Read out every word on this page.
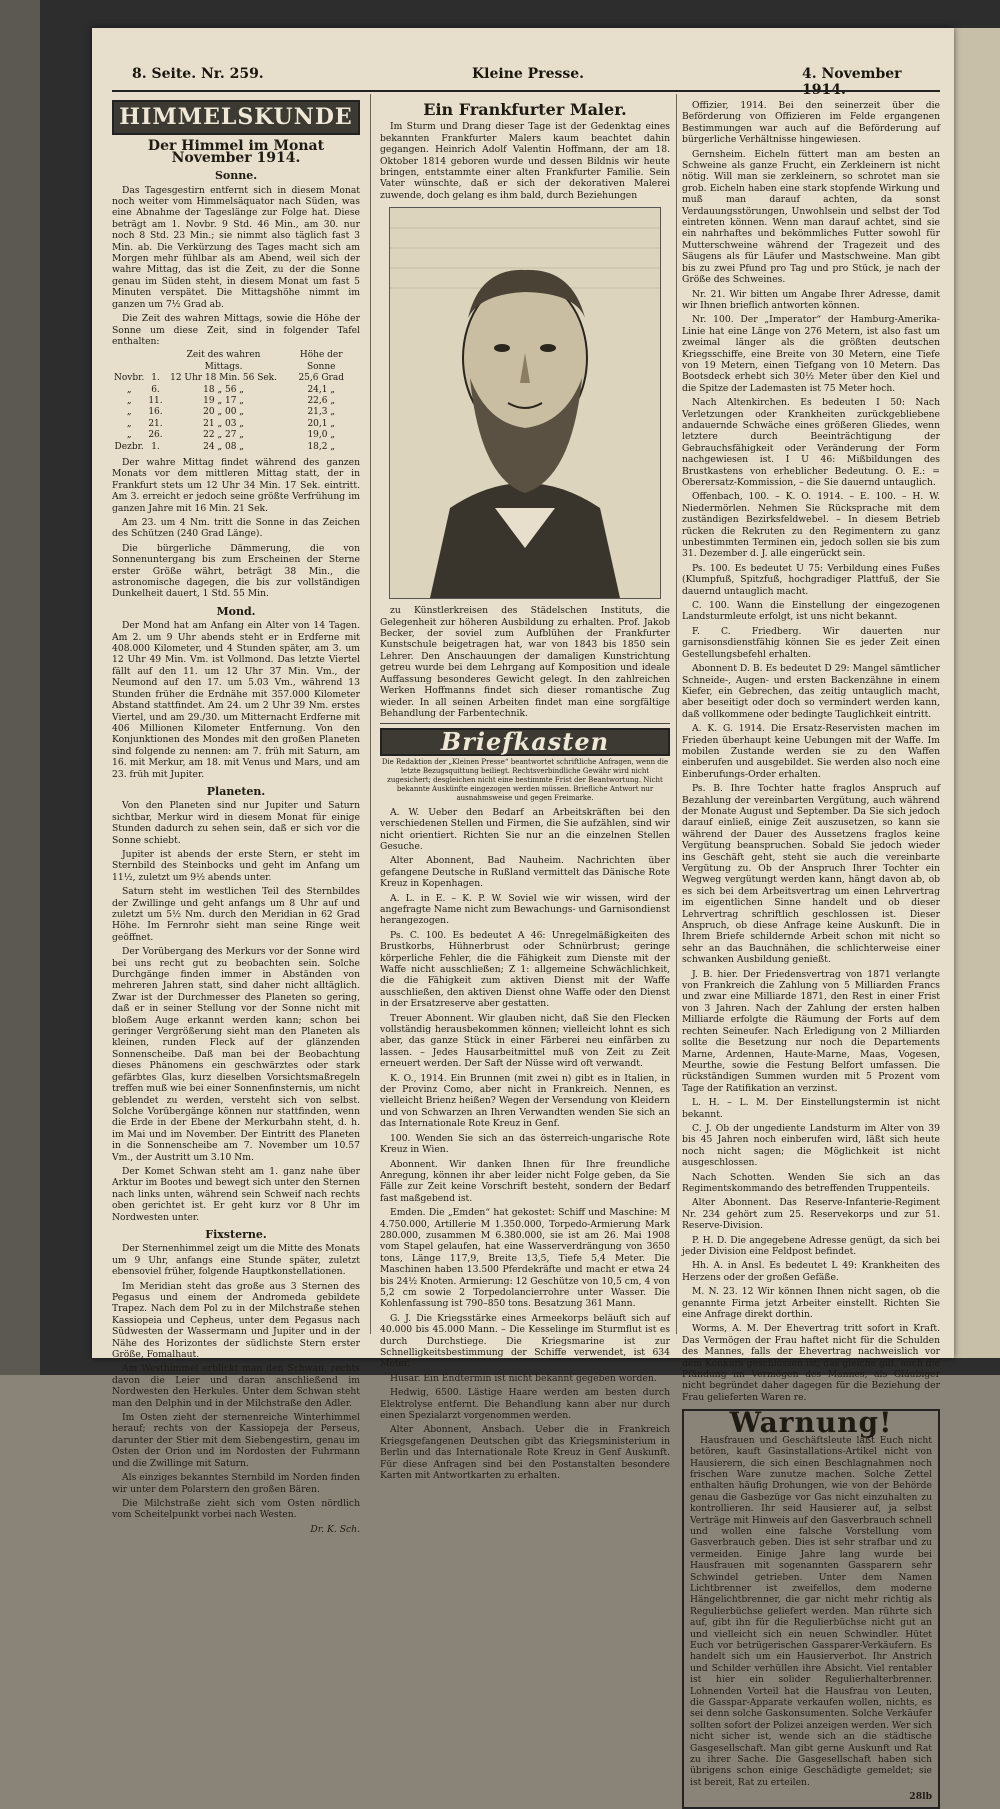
8. Seite. Nr. 259.	Kleine Presse.	4. November 1914.
HIMMELSKUNDE
Der Himmel im Monat November 1914.
Sonne.

Das Tagesgestirn entfernt sich in diesem Monat noch weiter vom Himmelsäquator nach Süden, was eine Abnahme der Tageslänge zur Folge hat. Diese beträgt am 1. Novbr. 9 Std. 46 Min., am 30. nur noch 8 Std. 23 Min.; sie nimmt also täglich fast 3 Min. ab. Die Verkürzung des Tages macht sich am Morgen mehr fühlbar als am Abend, weil sich der wahre Mittag, das ist die Zeit, zu der die Sonne genau im Süden steht, in diesem Monat um fast 5 Minuten verspätet. Die Mittagshöhe nimmt im ganzen um 7½ Grad ab.

Die Zeit des wahren Mittags, sowie die Höhe der Sonne um diese Zeit, sind in folgender Tafel enthalten:

		Zeit des wahren Mittags.	Höhe der Sonne
Novbr.	1.	12 Uhr 18 Min. 56 Sek.	25,6 Grad
„	6.	18 „ 56 „	24,1 „
„	11.	19 „ 17 „	22,6 „
„	16.	20 „ 00 „	21,3 „
„	21.	21 „ 03 „	20,1 „
„	26.	22 „ 27 „	19,0 „
Dezbr.	1.	24 „ 08 „	18,2 „

Der wahre Mittag findet während des ganzen Monats vor dem mittleren Mittag statt, der in Frankfurt stets um 12 Uhr 34 Min. 17 Sek. eintritt. Am 3. erreicht er jedoch seine größte Verfrühung im ganzen Jahre mit 16 Min. 21 Sek.

Am 23. um 4 Nm. tritt die Sonne in das Zeichen des Schützen (240 Grad Länge).

Die bürgerliche Dämmerung, die von Sonnenuntergang bis zum Erscheinen der Sterne erster Größe währt, beträgt 38 Min., die astronomische dagegen, die bis zur vollständigen Dunkelheit dauert, 1 Std. 55 Min.

Mond.

Der Mond hat am Anfang ein Alter von 14 Tagen. Am 2. um 9 Uhr abends steht er in Erdferne mit 408.000 Kilometer, und 4 Stunden später, am 3. um 12 Uhr 49 Min. Vm. ist Vollmond. Das letzte Viertel fällt auf den 11. um 12 Uhr 37 Min. Vm., der Neumond auf den 17. um 5.03 Vm., während 13 Stunden früher die Erdnähe mit 357.000 Kilometer Abstand stattfindet. Am 24. um 2 Uhr 39 Nm. erstes Viertel, und am 29./30. um Mitternacht Erdferne mit 406 Millionen Kilometer Entfernung. Von den Konjunktionen des Mondes mit den großen Planeten sind folgende zu nennen: am 7. früh mit Saturn, am 16. mit Merkur, am 18. mit Venus und Mars, und am 23. früh mit Jupiter.

Planeten.

Von den Planeten sind nur Jupiter und Saturn sichtbar, Merkur wird in diesem Monat für einige Stunden dadurch zu sehen sein, daß er sich vor die Sonne schiebt.

Jupiter ist abends der erste Stern, er steht im Sternbild des Steinbocks und geht im Anfang um 11½, zuletzt um 9½ abends unter.

Saturn steht im westlichen Teil des Sternbildes der Zwillinge und geht anfangs um 8 Uhr auf und zuletzt um 5½ Nm. durch den Meridian in 62 Grad Höhe. Im Fernrohr sieht man seine Ringe weit geöffnet.

Der Vorübergang des Merkurs vor der Sonne wird bei uns recht gut zu beobachten sein. Solche Durchgänge finden immer in Abständen von mehreren Jahren statt, sind daher nicht alltäglich. Zwar ist der Durchmesser des Planeten so gering, daß er in seiner Stellung vor der Sonne nicht mit bloßem Auge erkannt werden kann; schon bei geringer Vergrößerung sieht man den Planeten als kleinen, runden Fleck auf der glänzenden Sonnenscheibe. Daß man bei der Beobachtung dieses Phänomens ein geschwärztes oder stark gefärbtes Glas, kurz dieselben Vorsichtsmaßregeln treffen muß wie bei einer Sonnenfinsternis, um nicht geblendet zu werden, versteht sich von selbst. Solche Vorübergänge können nur stattfinden, wenn die Erde in der Ebene der Merkurbahn steht, d. h. im Mai und im November. Der Eintritt des Planeten in die Sonnenscheibe am 7. November um 10.57 Vm., der Austritt um 3.10 Nm.

Der Komet Schwan steht am 1. ganz nahe über Arktur im Bootes und bewegt sich unter den Sternen nach links unten, während sein Schweif nach rechts oben gerichtet ist. Er geht kurz vor 8 Uhr im Nordwesten unter.

Fixsterne.

Der Sternenhimmel zeigt um die Mitte des Monats um 9 Uhr, anfangs eine Stunde später, zuletzt ebensoviel früher, folgende Hauptkonstellationen.

Im Meridian steht das große aus 3 Sternen des Pegasus und einem der Andromeda gebildete Trapez. Nach dem Pol zu in der Milchstraße stehen Kassiopeia und Cepheus, unter dem Pegasus nach Südwesten der Wassermann und Jupiter und in der Nähe des Horizontes der südlichste Stern erster Größe, Fomalhaut.

Am Westhimmel erblickt man den Schwan, rechts davon die Leier und daran anschließend im Nordwesten den Herkules. Unter dem Schwan steht man den Delphin und in der Milchstraße den Adler.

Im Osten zieht der sternenreiche Winterhimmel herauf; rechts von der Kassiopeja der Perseus, darunter der Stier mit dem Siebengestirn, genau im Osten der Orion und im Nordosten der Fuhrmann und die Zwillinge mit Saturn.

Als einziges bekanntes Sternbild im Norden finden wir unter dem Polarstern den großen Bären.

Die Milchstraße zieht sich vom Osten nördlich vom Scheitelpunkt vorbei nach Westen.

Dr. K. Sch.
Ein Frankfurter Maler.

Im Sturm und Drang dieser Tage ist der Gedenktag eines bekannten Frankfurter Malers kaum beachtet dahin gegangen. Heinrich Adolf Valentin Hoffmann, der am 18. Oktober 1814 geboren wurde und dessen Bildnis wir heute bringen, entstammte einer alten Frankfurter Familie. Sein Vater wünschte, daß er sich der dekorativen Malerei zuwende, doch gelang es ihm bald, durch Beziehungen

zu Künstlerkreisen des Städelschen Instituts, die Gelegenheit zur höheren Ausbildung zu erhalten. Prof. Jakob Becker, der soviel zum Aufblühen der Frankfurter Kunstschule beigetragen hat, war von 1843 bis 1850 sein Lehrer. Den Anschauungen der damaligen Kunstrichtung getreu wurde bei dem Lehrgang auf Komposition und ideale Auffassung besonderes Gewicht gelegt. In den zahlreichen Werken Hoffmanns findet sich dieser romantische Zug wieder. In all seinen Arbeiten findet man eine sorgfältige Behandlung der Farbentechnik.

Briefkasten
Die Redaktion der „Kleinen Presse“ beantwortet schriftliche Anfragen, wenn die letzte Bezugsquittung beiliegt. Rechtsverbindliche Gewähr wird nicht zugesichert; desgleichen nicht eine bestimmte Frist der Beantwortung. Nicht bekannte Auskünfte eingezogen werden müssen. Briefliche Antwort nur ausnahmsweise und gegen Freimarke.

A. W. Ueber den Bedarf an Arbeitskräften bei den verschiedenen Stellen und Firmen, die Sie aufzählen, sind wir nicht orientiert. Richten Sie nur an die einzelnen Stellen Gesuche.

Alter Abonnent, Bad Nauheim. Nachrichten über gefangene Deutsche in Rußland vermittelt das Dänische Rote Kreuz in Kopenhagen.

A. L. in E. – K. P. W. Soviel wie wir wissen, wird der angefragte Name nicht zum Bewachungs- und Garnisondienst herangezogen.

Ps. C. 100. Es bedeutet A 46: Unregelmäßigkeiten des Brustkorbs, Hühnerbrust oder Schnürbrust; geringe körperliche Fehler, die die Fähigkeit zum Dienste mit der Waffe nicht ausschließen; Z 1: allgemeine Schwächlichkeit, die die Fähigkeit zum aktiven Dienst mit der Waffe ausschließen, den aktiven Dienst ohne Waffe oder den Dienst in der Ersatzreserve aber gestatten.

Treuer Abonnent. Wir glauben nicht, daß Sie den Flecken vollständig herausbekommen können; vielleicht lohnt es sich aber, das ganze Stück in einer Färberei neu einfärben zu lassen. – Jedes Hausarbeitmittel muß von Zeit zu Zeit erneuert werden. Der Saft der Nüsse wird oft verwandt.

K. O., 1914. Ein Brunnen (mit zwei n) gibt es in Italien, in der Provinz Como, aber nicht in Frankreich. Nennen, es vielleicht Brienz heißen? Wegen der Versendung von Kleidern und von Schwarzen an Ihren Verwandten wenden Sie sich an das Internationale Rote Kreuz in Genf.

100. Wenden Sie sich an das österreich-ungarische Rote Kreuz in Wien.

Abonnent. Wir danken Ihnen für Ihre freundliche Anregung, können ihr aber leider nicht Folge geben, da Sie Fälle zur Zeit keine Vorschrift besteht, sondern der Bedarf fast maßgebend ist.

Emden. Die „Emden“ hat gekostet: Schiff und Maschine: M 4.750.000, Artillerie M 1.350.000, Torpedo-Armierung Mark 280.000, zusammen M 6.380.000, sie ist am 26. Mai 1908 vom Stapel gelaufen, hat eine Wasserverdrängung von 3650 tons, Länge 117,9, Breite 13,5, Tiefe 5,4 Meter. Die Maschinen haben 13.500 Pferdekräfte und macht er etwa 24 bis 24½ Knoten. Armierung: 12 Geschütze von 10,5 cm, 4 von 5,2 cm sowie 2 Torpedolancierrohre unter Wasser. Die Kohlenfassung ist 790–850 tons. Besatzung 361 Mann.

G. J. Die Kriegsstärke eines Armeekorps beläuft sich auf 40.000 bis 45.000 Mann. – Die Kesselinge im Sturmflut ist es durch Durchstiege. Die Kriegsmarine ist zur Schnelligkeitsbestimmung der Schiffe verwendet, ist 634 Meter.

Husar. Ein Endtermin ist nicht bekannt gegeben worden.

Hedwig, 6500. Lästige Haare werden am besten durch Elektrolyse entfernt. Die Behandlung kann aber nur durch einen Spezialarzt vorgenommen werden.

Alter Abonnent, Ansbach. Ueber die in Frankreich Kriegsgefangenen Deutschen gibt das Kriegsministerium in Berlin und das Internationale Rote Kreuz in Genf Auskunft. Für diese Anfragen sind bei den Postanstalten besondere Karten mit Antwortkarten zu erhalten.

Offizier, 1914. Bei den seinerzeit über die Beförderung von Offizieren im Felde ergangenen Bestimmungen war auch auf die Beförderung auf bürgerliche Verhältnisse hingewiesen.

Gernsheim. Eicheln füttert man am besten an Schweine als ganze Frucht, ein Zerkleinern ist nicht nötig. Will man sie zerkleinern, so schrotet man sie grob. Eicheln haben eine stark stopfende Wirkung und muß man darauf achten, da sonst Verdauungsstörungen, Unwohlsein und selbst der Tod eintreten können. Wenn man darauf achtet, sind sie ein nahrhaftes und bekömmliches Futter sowohl für Mutterschweine während der Tragezeit und des Säugens als für Läufer und Mastschweine. Man gibt bis zu zwei Pfund pro Tag und pro Stück, je nach der Größe des Schweines.

Nr. 21. Wir bitten um Angabe Ihrer Adresse, damit wir Ihnen brieflich antworten können.

Nr. 100. Der „Imperator“ der Hamburg-Amerika-Linie hat eine Länge von 276 Metern, ist also fast um zweimal länger als die größten deutschen Kriegsschiffe, eine Breite von 30 Metern, eine Tiefe von 19 Metern, einen Tiefgang von 10 Metern. Das Bootsdeck erhebt sich 30½ Meter über den Kiel und die Spitze der Lademasten ist 75 Meter hoch.

Nach Altenkirchen. Es bedeuten I 50: Nach Verletzungen oder Krankheiten zurückgebliebene andauernde Schwäche eines größeren Gliedes, wenn letztere durch Beeinträchtigung der Gebrauchsfähigkeit oder Veränderung der Form nachgewiesen ist. I U 46: Mißbildungen des Brustkastens von erheblicher Bedeutung. O. E.: = Oberersatz-Kommission, – die Sie dauernd untauglich.

Offenbach, 100. – K. O. 1914. – E. 100. – H. W. Niedermörlen. Nehmen Sie Rücksprache mit dem zuständigen Bezirksfeldwebel. – In diesem Betrieb rücken die Rekruten zu den Regimentern zu ganz unbestimmten Terminen ein, jedoch sollen sie bis zum 31. Dezember d. J. alle eingerückt sein.

Ps. 100. Es bedeutet U 75: Verbildung eines Fußes (Klumpfuß, Spitzfuß, hochgradiger Plattfuß, der Sie dauernd untauglich macht.

C. 100. Wann die Einstellung der eingezogenen Landsturmleute erfolgt, ist uns nicht bekannt.

F. C. Friedberg. Wir dauerten nur garnisonsdienstfähig können Sie es jeder Zeit einen Gestellungsbefehl erhalten.

Abonnent D. B. Es bedeutet D 29: Mangel sämtlicher Schneide-, Augen- und ersten Backenzähne in einem Kiefer, ein Gebrechen, das zeitig untauglich macht, aber beseitigt oder doch so vermindert werden kann, daß vollkommene oder bedingte Tauglichkeit eintritt.

A. K. G. 1914. Die Ersatz-Reservisten machen im Frieden überhaupt keine Uebungen mit der Waffe. Im mobilen Zustande werden sie zu den Waffen einberufen und ausgebildet. Sie werden also noch eine Einberufungs-Order erhalten.

Ps. B. Ihre Tochter hatte fraglos Anspruch auf Bezahlung der vereinbarten Vergütung, auch während der Monate August und September. Da Sie sich jedoch darauf einließ, einige Zeit auszusetzen, so kann sie während der Dauer des Aussetzens fraglos keine Vergütung beanspruchen. Sobald Sie jedoch wieder ins Geschäft geht, steht sie auch die vereinbarte Vergütung zu. Ob der Anspruch Ihrer Tochter ein Wegweg vergütungt werden kann, hängt davon ab, ob es sich bei dem Arbeitsvertrag um einen Lehrvertrag im eigentlichen Sinne handelt und ob dieser Lehrvertrag schriftlich geschlossen ist. Dieser Anspruch, ob diese Anfrage keine Auskunft. Die in Ihrem Briefe schildernde Arbeit schon mit nicht so sehr an das Bauchnähen, die schlichterweise einer schwanken Ausbildung genießt.

J. B. hier. Der Friedensvertrag von 1871 verlangte von Frankreich die Zahlung von 5 Milliarden Francs und zwar eine Milliarde 1871, den Rest in einer Frist von 3 Jahren. Nach der Zahlung der ersten halben Milliarde erfolgte die Räumung der Forts auf dem rechten Seineufer. Nach Erledigung von 2 Milliarden sollte die Besetzung nur noch die Departements Marne, Ardennen, Haute-Marne, Maas, Vogesen, Meurthe, sowie die Festung Belfort umfassen. Die rückständigen Summen wurden mit 5 Prozent vom Tage der Ratifikation an verzinst.

L. H. – L. M. Der Einstellungstermin ist nicht bekannt.

C. J. Ob der ungediente Landsturm im Alter von 39 bis 45 Jahren noch einberufen wird, läßt sich heute noch nicht sagen; die Möglichkeit ist nicht ausgeschlossen.

Nach Schotten. Wenden Sie sich an das Regimentskommando des betreffenden Truppenteils.

Alter Abonnent. Das Reserve-Infanterie-Regiment Nr. 234 gehört zum 25. Reservekorps und zur 51. Reserve-Division.

P. H. D. Die angegebene Adresse genügt, da sich bei jeder Division eine Feldpost befindet.

Hh. A. in Ansl. Es bedeutet L 49: Krankheiten des Herzens oder der großen Gefäße.

M. N. 23. 12 Wir können Ihnen nicht sagen, ob die genannte Firma jetzt Arbeiter einstellt. Richten Sie eine Anfrage direkt dorthin.

Worms, A. M. Der Ehevertrag tritt sofort in Kraft. Das Vermögen der Frau haftet nicht für die Schulden des Mannes, falls der Ehevertrag nachweislich vor dem Konkurs geschlossen ist; das gleiche gilt, auch die Pfändung im Vermögen des Mannes, als Gläubiger nicht begründet daher dagegen für die Beziehung der Frau gelieferten Waren re.

Warnung!

Hausfrauen und Geschäftsleute laßt Euch nicht betören, kauft Gasinstallations-Artikel nicht von Hausierern, die sich einen Beschlagnahmen noch frischen Ware zunutze machen. Solche Zettel enthalten häufig Drohungen, wie von der Behörde genau die Gasbezüge vor Gas nicht einzuhalten zu kontrollieren. Ihr seid Hausierer auf, ja selbst Verträge mit Hinweis auf den Gasverbrauch schnell und wollen eine falsche Vorstellung vom Gasverbrauch geben. Dies ist sehr strafbar und zu vermeiden. Einige Jahre lang wurde bei Hausfrauen mit sogenannten Gassparern sehr Schwindel getrieben. Unter dem Namen Lichtbrenner ist zweifellos, dem moderne Hängelichtbrenner, die gar nicht mehr richtig als Regulierbüchse geliefert werden. Man rührte sich auf, gibt ihn für die Regulierbüchse nicht gut an und vielleicht sich ein neuen Schwindler. Hütet Euch vor betrügerischen Gassparer-Verkäufern. Es handelt sich um ein Hausierverbot. Ihr Anstrich und Schilder verhüllen ihre Absicht. Viel rentabler ist hier ein solider Regulierhalterbrenner. Lohnenden Vorteil hat die Hausfrau von Leuten, die Gasspar-Apparate verkaufen wollen, nichts, es sei denn solche Gaskonsumenten. Solche Verkäufer sollten sofort der Polizei anzeigen werden. Wer sich nicht sicher ist, wende sich an die städtische Gasgesellschaft. Man gibt gerne Auskunft und Rat zu ihrer Sache. Die Gasgesellschaft haben sich übrigens schon einige Geschädigte gemeldet; sie ist bereit, Rat zu erteilen.

28lb
